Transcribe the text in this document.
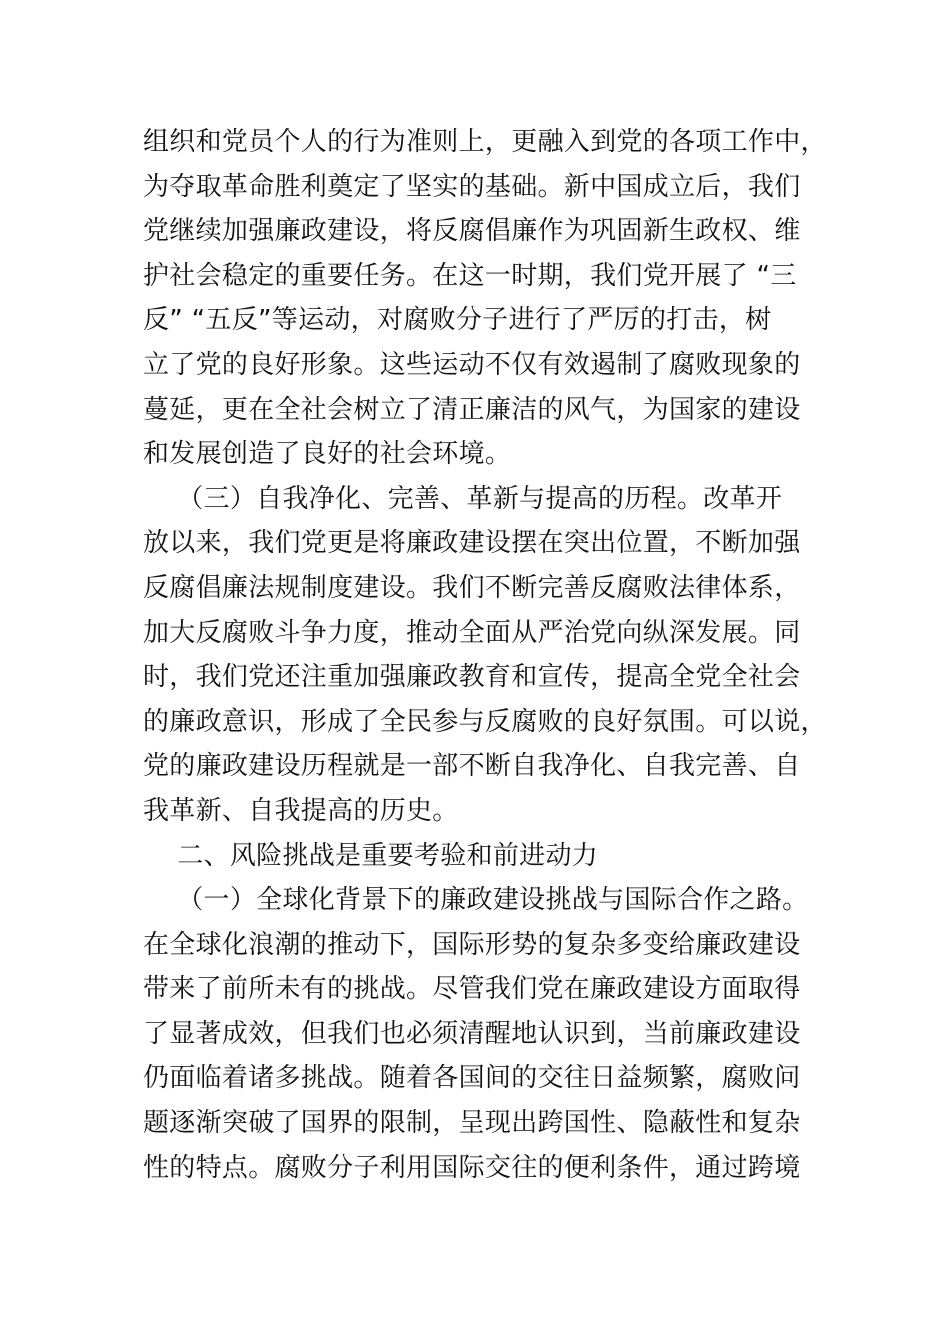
组织和党员个人的行为准则上，更融入到党的各项工作中，
为夺取革命胜利奠定了坚实的基础。新中国成立后，我们
党继续加强廉政建设，将反腐倡廉作为巩固新生政权、维
护社会稳定的重要任务。在这一时期，我们党开展了 “三
反” “五反”等运动，对腐败分子进行了严厉的打击，树
立了党的良好形象。这些运动不仅有效遏制了腐败现象的
蔓延，更在全社会树立了清正廉洁的风气，为国家的建设
和发展创造了良好的社会环境。
（三）自我净化、完善、革新与提高的历程。改革开
放以来，我们党更是将廉政建设摆在突出位置，不断加强
反腐倡廉法规制度建设。我们不断完善反腐败法律体系，
加大反腐败斗争力度，推动全面从严治党向纵深发展。同
时，我们党还注重加强廉政教育和宣传，提高全党全社会
的廉政意识，形成了全民参与反腐败的良好氛围。可以说，
党的廉政建设历程就是一部不断自我净化、自我完善、自
我革新、自我提高的历史。
二、风险挑战是重要考验和前进动力
（一）全球化背景下的廉政建设挑战与国际合作之路。
在全球化浪潮的推动下，国际形势的复杂多变给廉政建设
带来了前所未有的挑战。尽管我们党在廉政建设方面取得
了显著成效，但我们也必须清醒地认识到，当前廉政建设
仍面临着诸多挑战。随着各国间的交往日益频繁，腐败问
题逐渐突破了国界的限制，呈现出跨国性、隐蔽性和复杂
性的特点。腐败分子利用国际交往的便利条件，通过跨境
